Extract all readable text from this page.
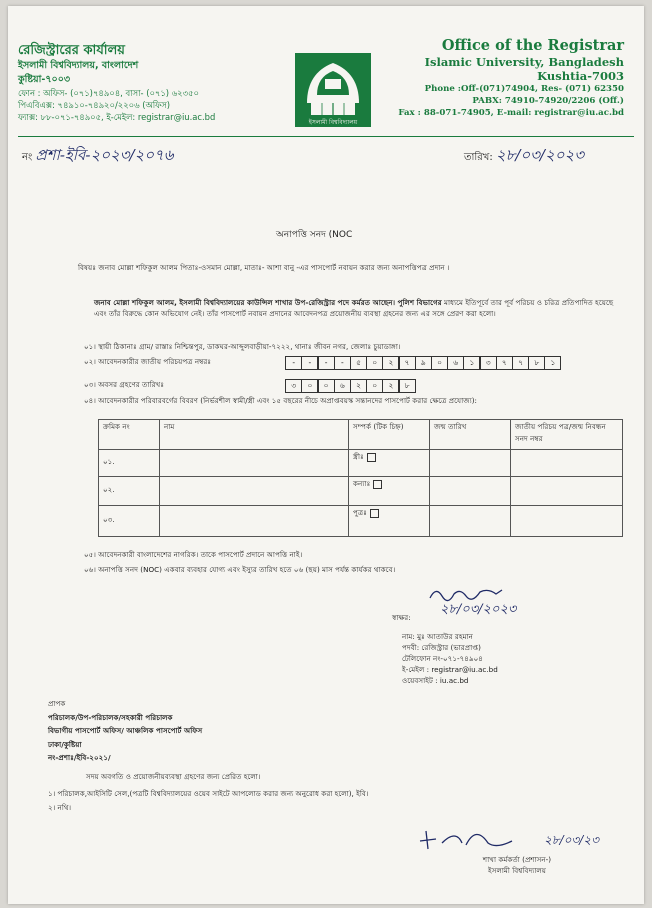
রেজিস্ট্রারের কার্যালয়
ইসলামী বিশ্ববিদ্যালয়, বাংলাদেশ
কুষ্টিয়া-৭০০৩
ফোন : অফিস- (০৭১)৭৪৯০৪, বাসা- (০৭১) ৬২৩৫০
পিএবিএক্স: ৭৪৯১০-৭৪৯২০/২২০৬ (অফিস)
ফ্যাক্স: ৮৮-০৭১-৭৪৯০৫, ই-মেইল: registrar@iu.ac.bd
ইসলামী বিশ্ববিদ্যালয়
Office of the Registrar
Islamic University, Bangladesh
Kushtia-7003
Phone :Off-(071)74904, Res- (071) 62350
PABX: 74910-74920/2206 (Off.)
Fax : 88-071-74905, E-mail: registrar@iu.ac.bd
নং প্রশা-ইবি-২০২৩/২০৭৬	তারিখ: ২৮/০৩/২০২৩
অনাপত্তি সনদ (NOC
বিষয়ঃ জনাব মোল্লা শফিকুল আলম পিতাঃ-ওসমান মোল্লা, মাতাঃ- আশা বানু -এর পাসপোর্ট নবায়ন করার জন্য অনাপত্তিপত্র প্রদান ।
জনাব মোল্লা শফিকুল আলম, ইসলামী বিশ্ববিদ্যালয়ের কাউন্সিল শাখার উপ-রেজিস্ট্রার পদে কর্মরত আছেন। পুলিশ বিভাগের মাধ্যমে ইতিপূর্বে তার পূর্ব পরিচয় ও চরিত্র প্রতিপাদিত হয়েছে এবং তাঁর বিরুদ্ধে কোন অভিযোগ নেই। তাঁর পাসপোর্ট নবায়ন প্রদানের আবেদনপত্র প্রয়োজনীয় ব্যবস্থা গ্রহনের জন্য এর সঙ্গে প্রেরণ করা হলো।
০১। স্থায়ী ঠিকানাঃ গ্রাম/ রাস্তাঃ নিশ্চিন্তপুর, ডাকঘর-আব্দুলবাড়ীয়া-৭২২২, থানাঃ জীবন নগর, জেলাঃ চুয়াডাঙ্গা।
০২। আবেদনকারীর জাতীয় পরিচয়পত্র নম্বরঃ	-	-	-	-	৫	০	২	৭	৯	০	৬	১	৩	৭	৭	৮	১
০৩। অবসর গ্রহণের তারিখঃ	৩	০	০	৬	২	০	২	৮
০৪। আবেদনকারীর পরিবারবর্গের বিবরণ (নির্ভরশীল স্বামী/স্ত্রী এবং ১৫ বছরের নীচে অপ্রাপ্তবয়স্ক সন্তানদের পাসপোর্ট করার ক্ষেত্রে প্রযোজ্য):
ক্রমিক নং	নাম	সম্পর্ক (টিক চিহ্ন)	জন্ম তারিখ	জাতীয় পরিচয় পত্র/জন্ম নিবন্ধন সনদ নম্বর
০১.		স্ত্রীঃ		
০২.		কন্যাঃ		
০৩.		পুত্রঃ		
০৫। আবেদনকারী বাংলাদেশের নাগরিক। তাকে পাসপোর্ট প্রদানে আপত্তি নাই।
০৬। অনাপত্তি সনদ (NOC) একবার ব্যবহার যোগ্য এবং ইস্যুর তারিখ হতে ০৬ (ছয়) মাস পর্যন্ত কার্যকর থাকবে।
২৮/০৩/২০২৩
স্বাক্ষর:
নাম: মুঃ আতাউর রহমান
পদবী: রেজিস্ট্রার (ভারপ্রাপ্ত)
টেলিফোন নং-০৭১-৭৪৯০৪
ই-মেইল : registrar@iu.ac.bd
ওয়েবসাইট : iu.ac.bd
প্রাপক
পরিচালক/উপ-পরিচালক/সহকারী পরিচালক
বিভাগীয় পাসপোর্ট অফিস/ আঞ্চলিক পাসপোর্ট অফিস
ঢাকা/কুষ্টিয়া
নং-প্রশাঃ/ইবি-২০২১/
সদয় অবগতি ও প্রয়োজনীয়ব্যবস্থা গ্রহণের জন্য প্রেরিত হলো।
১। পরিচালক,আইসিটি সেল,(পত্রটি বিশ্ববিদ্যালয়ের ওয়েব সাইটে আপলোড করার জন্য অনুরোধ করা হলো), ইবি।
২। নথি।
২৮/০৩/২৩
শাখা কর্মকর্তা (প্রশাসন-)
ইসলামী বিশ্ববিদ্যালয়
